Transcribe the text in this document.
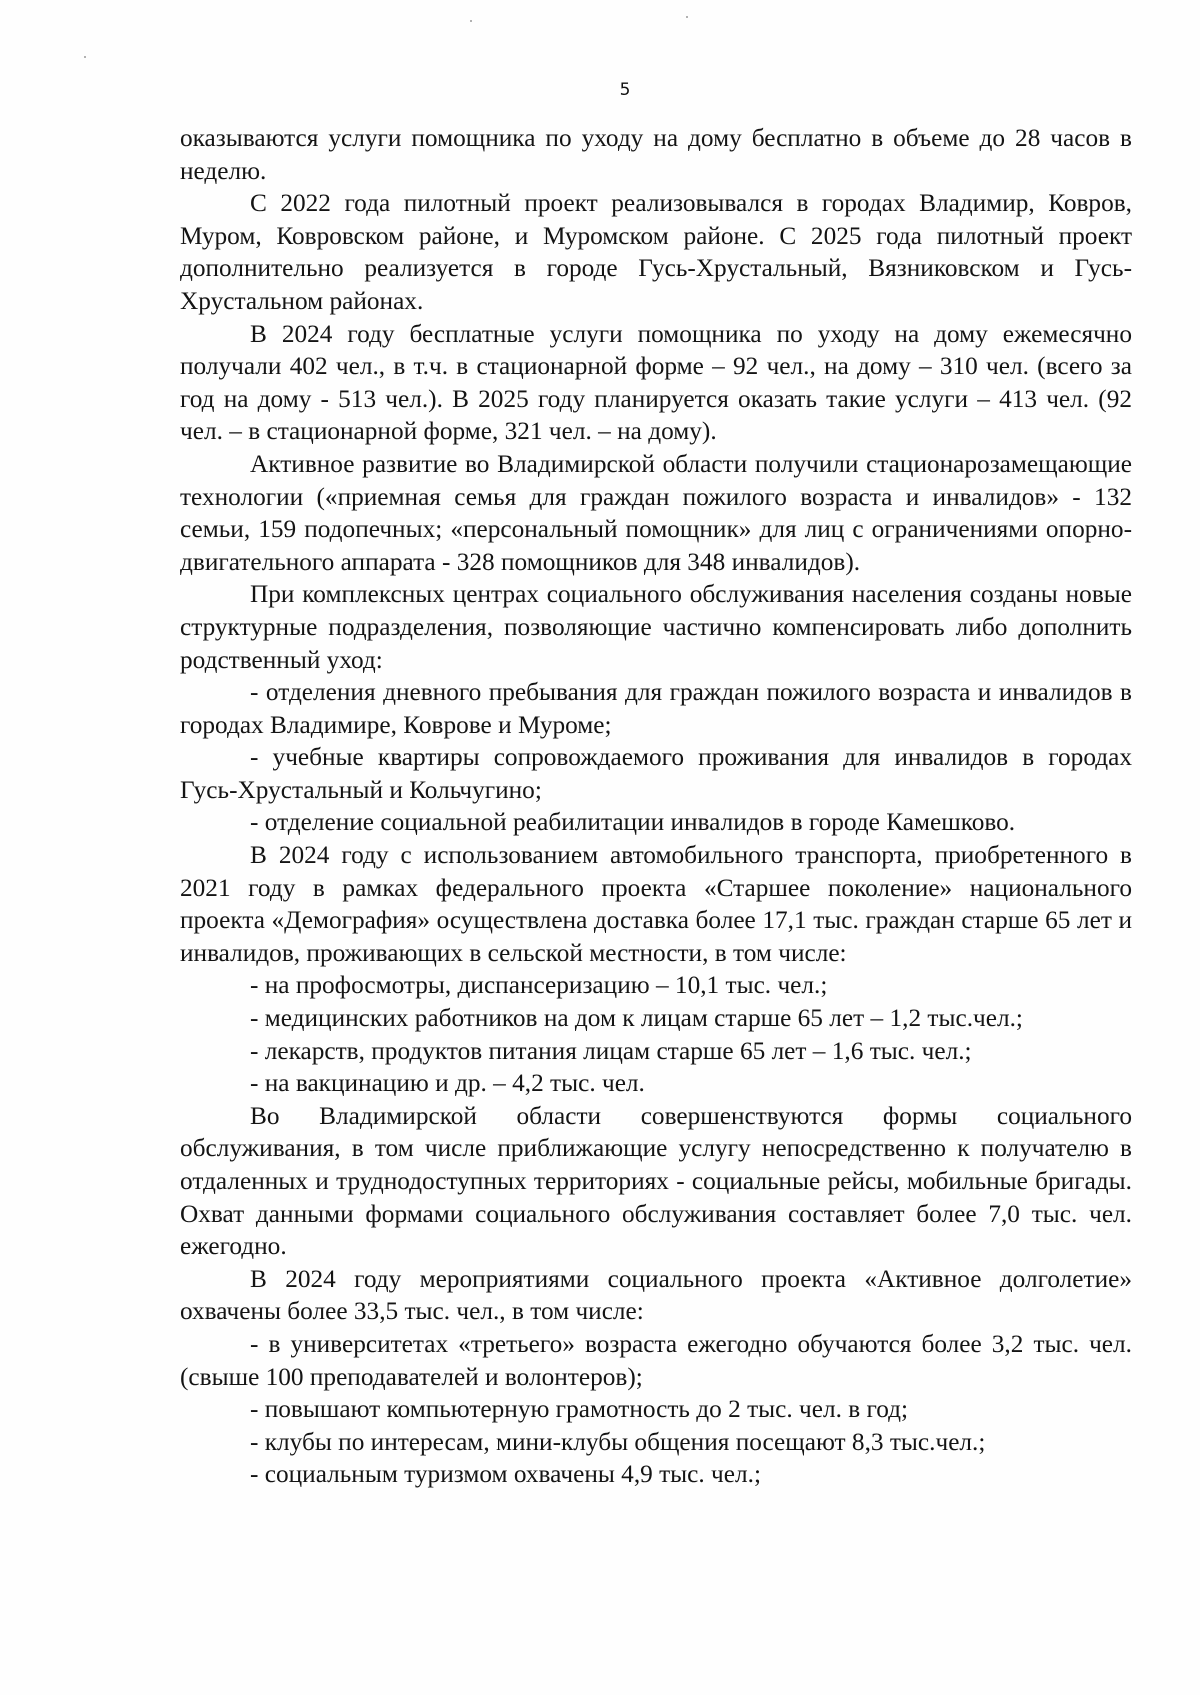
5

оказываются услуги помощника по уходу на дому бесплатно в объеме до 28 часов в неделю.

С 2022 года пилотный проект реализовывался в городах Владимир, Ковров, Муром, Ковровском районе, и Муромском районе. С 2025 года пилотный проект дополнительно реализуется в городе Гусь-Хрустальный, Вязниковском и Гусь-Хрустальном районах.

В 2024 году бесплатные услуги помощника по уходу на дому ежемесячно получали 402 чел., в т.ч. в стационарной форме – 92 чел., на дому – 310 чел. (всего за год на дому - 513 чел.). В 2025 году планируется оказать такие услуги – 413 чел. (92 чел. – в стационарной форме, 321 чел. – на дому).

Активное развитие во Владимирской области получили стационарозамещающие технологии («приемная семья для граждан пожилого возраста и инвалидов» - 132 семьи, 159 подопечных; «персональный помощник» для лиц с ограничениями опорно-двигательного аппарата - 328 помощников для 348 инвалидов).

При комплексных центрах социального обслуживания населения созданы новые структурные подразделения, позволяющие частично компенсировать либо дополнить родственный уход:

- отделения дневного пребывания для граждан пожилого возраста и инвалидов в городах Владимире, Коврове и Муроме;

- учебные квартиры сопровождаемого проживания для инвалидов в городах Гусь-Хрустальный и Кольчугино;

- отделение социальной реабилитации инвалидов в городе Камешково.

В 2024 году с использованием автомобильного транспорта, приобретенного в 2021 году в рамках федерального проекта «Старшее поколение» национального проекта «Демография» осуществлена доставка более 17,1 тыс. граждан старше 65 лет и инвалидов, проживающих в сельской местности, в том числе:

- на профосмотры, диспансеризацию – 10,1 тыс. чел.;

- медицинских работников на дом к лицам старше 65 лет – 1,2 тыс.чел.;

- лекарств, продуктов питания лицам старше 65 лет – 1,6 тыс. чел.;

- на вакцинацию и др. – 4,2 тыс. чел.

Во Владимирской области совершенствуются формы социального обслуживания, в том числе приближающие услугу непосредственно к получателю в отдаленных и труднодоступных территориях - социальные рейсы, мобильные бригады. Охват данными формами социального обслуживания составляет более 7,0 тыс. чел. ежегодно.

В 2024 году мероприятиями социального проекта «Активное долголетие» охвачены более 33,5 тыс. чел., в том числе:

- в университетах «третьего» возраста ежегодно обучаются более 3,2 тыс. чел. (свыше 100 преподавателей и волонтеров);

- повышают компьютерную грамотность до 2 тыс. чел. в год;

- клубы по интересам, мини-клубы общения посещают 8,3 тыс.чел.;

- социальным туризмом охвачены 4,9 тыс. чел.;
